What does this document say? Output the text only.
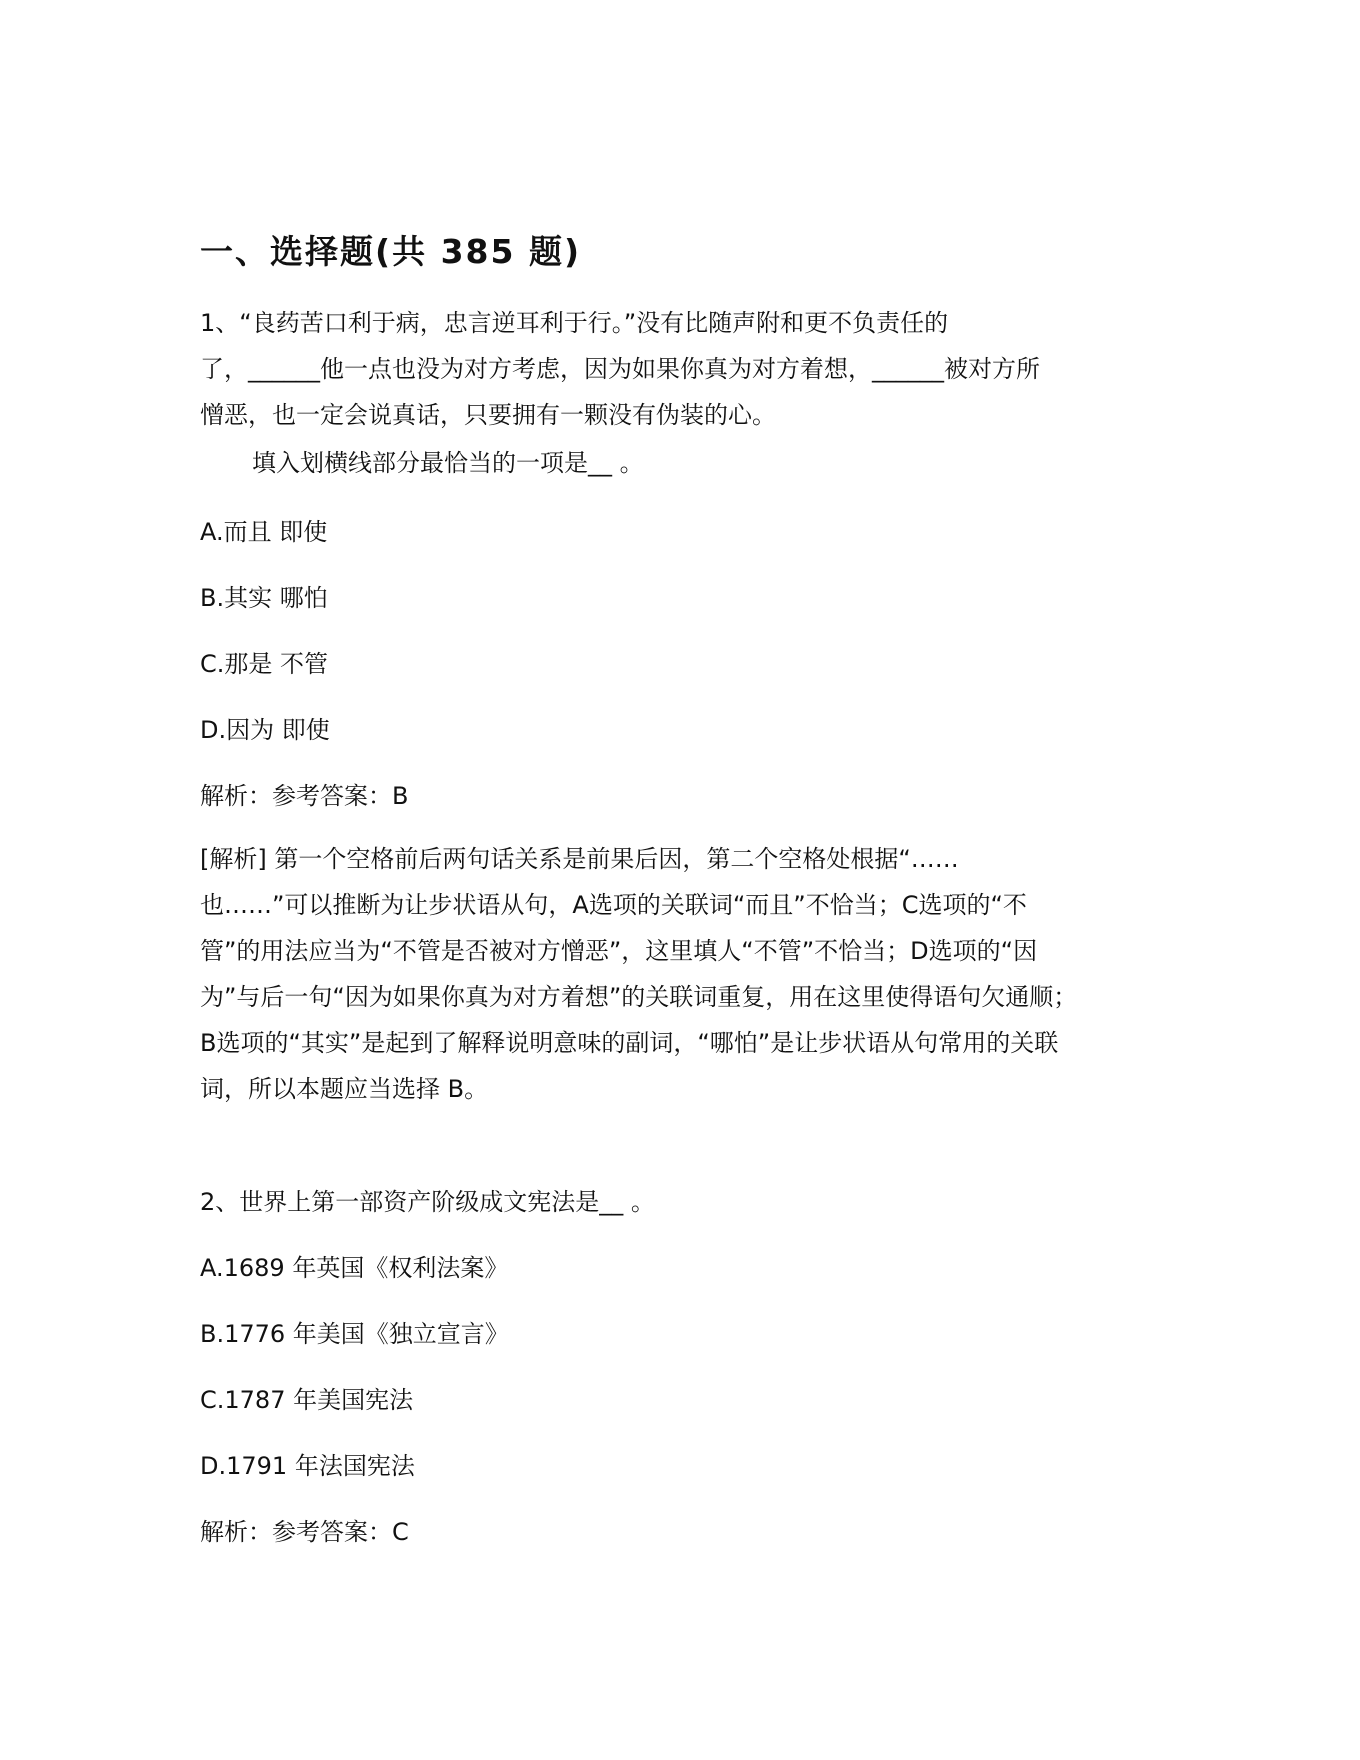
一、选择题(共 385 题)

1、“良药苦口利于病，忠言逆耳利于行。”没有比随声附和更不负责任的

了，______他一点也没为对方考虑，因为如果你真为对方着想，______被对方所

憎恶，也一定会说真话，只要拥有一颗没有伪装的心。

填入划横线部分最恰当的一项是__ 。

A.而且 即使

B.其实 哪怕

C.那是 不管

D.因为 即使

解析：参考答案：B

[解析] 第一个空格前后两句话关系是前果后因，第二个空格处根据“……

也……”可以推断为让步状语从句，A选项的关联词“而且”不恰当；C选项的“不

管”的用法应当为“不管是否被对方憎恶”，这里填人“不管”不恰当；D选项的“因

为”与后一句“因为如果你真为对方着想”的关联词重复，用在这里使得语句欠通顺；

B选项的“其实”是起到了解释说明意味的副词，“哪怕”是让步状语从句常用的关联

词，所以本题应当选择 B。

2、世界上第一部资产阶级成文宪法是__ 。

A.1689 年英国《权利法案》

B.1776 年美国《独立宣言》

C.1787 年美国宪法

D.1791 年法国宪法

解析：参考答案：C
